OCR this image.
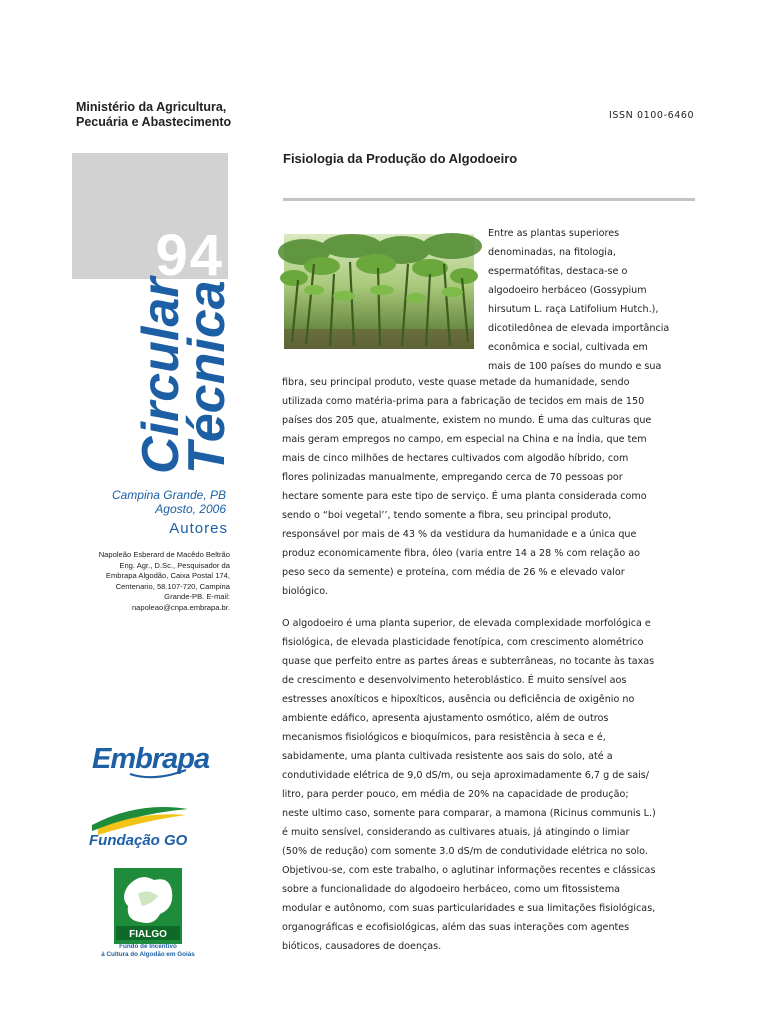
Ministério da Agricultura,
Pecuária e Abastecimento	ISSN 0100-6460
94
Circular
Técnica
Campina Grande, PB
Agosto, 2006
Autores
Napoleão Esberard de Macêdo Beltrão
Eng. Agr., D.Sc., Pesquisador da
Embrapa Algodão, Caixa Postal 174,
Centenario, 58.107-720, Campina
Grande-PB. E-mail:
napoleao@cnpa.embrapa.br.
Fisiologia da Produção do Algodoeiro
Entre as plantas superiores
denominadas, na fitologia,
espermatófitas, destaca-se o
algodoeiro herbáceo (Gossypium
hirsutum L. raça Latifolium Hutch.),
dicotiledônea de elevada importância
econômica e social, cultivada em
mais de 100 países do mundo e sua
fibra, seu principal produto, veste quase metade da humanidade, sendo
utilizada como matéria-prima para a fabricação de tecidos em mais de 150
países dos 205 que, atualmente, existem no mundo. É uma das culturas que
mais geram empregos no campo, em especial na China e na Índia, que tem
mais de cinco milhões de hectares cultivados com algodão híbrido, com
flores polinizadas manualmente, empregando cerca de 70 pessoas por
hectare somente para este tipo de serviço. É uma planta considerada como
sendo o “boi vegetal’’, tendo somente a fibra, seu principal produto,
responsável por mais de 43 % da vestidura da humanidade e a única que
produz economicamente fibra, óleo (varia entre 14 a 28 % com relação ao
peso seco da semente) e proteína, com média de 26 % e elevado valor
biológico.
O algodoeiro é uma planta superior, de elevada complexidade morfológica e
fisiológica, de elevada plasticidade fenotípica, com crescimento alométrico
quase que perfeito entre as partes áreas e subterrâneas, no tocante às taxas
de crescimento e desenvolvimento heteroblástico. É muito sensível aos
estresses anoxíticos e hipoxíticos, ausência ou deficiência de oxigênio no
ambiente edáfico, apresenta ajustamento osmótico, além de outros
mecanismos fisiológicos e bioquímicos, para resistência à seca e é,
sabidamente, uma planta cultivada resistente aos sais do solo, até a
condutividade elétrica de 9,0 dS/m, ou seja aproximadamente 6,7 g de sais/
litro, para perder pouco, em média de 20% na capacidade de produção;
neste ultimo caso, somente para comparar, a mamona (Ricinus communis L.)
é muito sensível, considerando as cultivares atuais, já atingindo o limiar
(50% de redução) com somente 3.0 dS/m de condutividade elétrica no solo.
Objetivou-se, com este trabalho, o aglutinar informações recentes e clássicas
sobre a funcionalidade do algodoeiro herbáceo, como um fitossistema
modular e autônomo, com suas particularidades e sua limitações fisiológicas,
organográficas e ecofisiológicas, além das suas interações com agentes
bióticos, causadores de doenças.
Embrapa
Fundação GO
FIALGO
Fundo de Incentivo
à Cultura do Algodão em Goiás
